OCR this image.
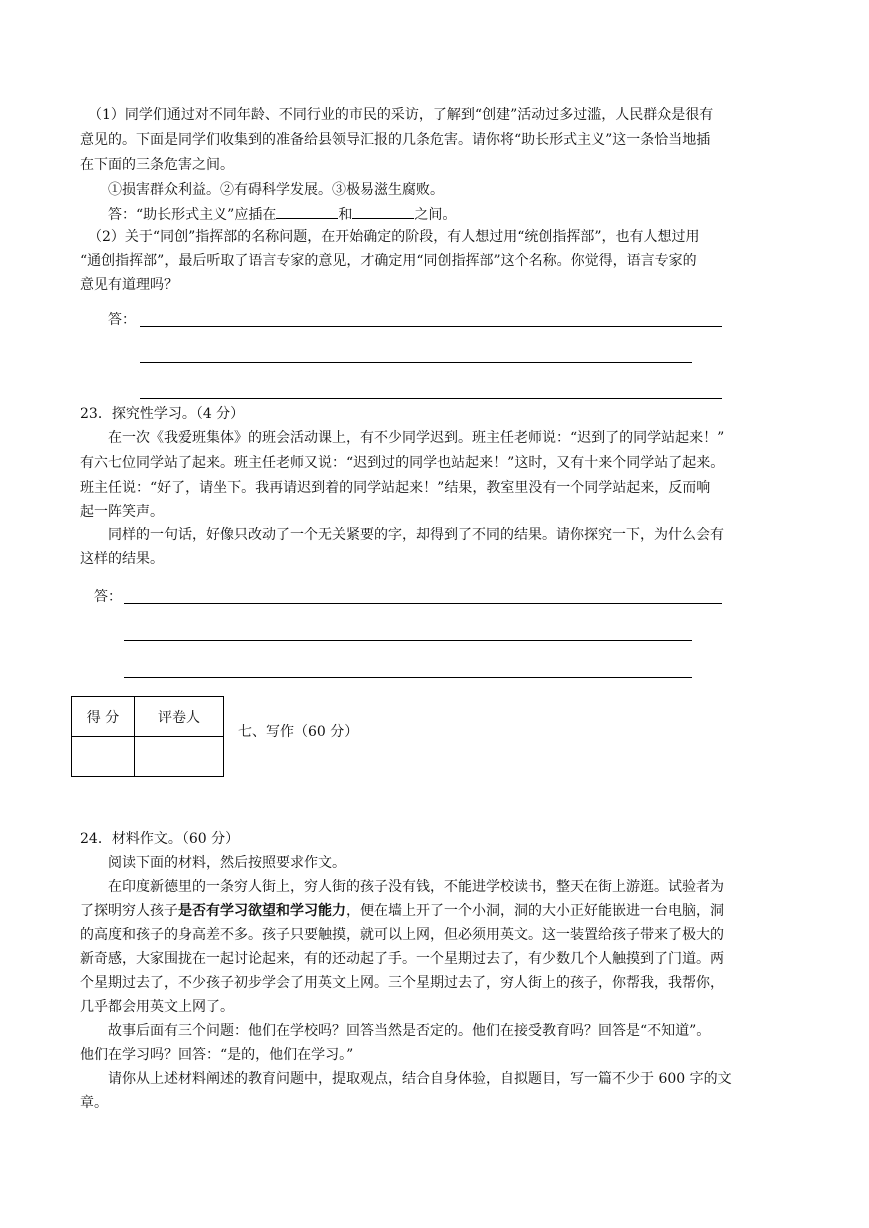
（1）同学们通过对不同年龄、不同行业的市民的采访，了解到“创建”活动过多过滥，人民群众是很有
意见的。下面是同学们收集到的准备给县领导汇报的几条危害。请你将“助长形式主义”这一条恰当地插
在下面的三条危害之间。
①损害群众利益。②有碍科学发展。③极易滋生腐败。
答：“助长形式主义”应插在	和	之间。
（2）关于“同创”指挥部的名称问题，在开始确定的阶段，有人想过用“统创指挥部”，也有人想过用
“通创指挥部”，最后听取了语言专家的意见，才确定用“同创指挥部”这个名称。你觉得，语言专家的
意见有道理吗？
答：
23．探究性学习。（4 分）
在一次《我爱班集体》的班会活动课上，有不少同学迟到。班主任老师说：“迟到了的同学站起来！”
有六七位同学站了起来。班主任老师又说：“迟到过的同学也站起来！”这时，又有十来个同学站了起来。
班主任说：“好了，请坐下。我再请迟到着的同学站起来！”结果，教室里没有一个同学站起来，反而响
起一阵笑声。
同样的一句话，好像只改动了一个无关紧要的字，却得到了不同的结果。请你探究一下，为什么会有
这样的结果。
答：
得 分	评卷人

七、写作（60 分）
24．材料作文。（60 分）
阅读下面的材料，然后按照要求作文。
在印度新德里的一条穷人街上，穷人街的孩子没有钱，不能进学校读书，整天在街上游逛。试验者为
了探明穷人孩子是否有学习欲望和学习能力，便在墙上开了一个小洞，洞的大小正好能嵌进一台电脑，洞
的高度和孩子的身高差不多。孩子只要触摸，就可以上网，但必须用英文。这一装置给孩子带来了极大的
新奇感，大家围拢在一起讨论起来，有的还动起了手。一个星期过去了，有少数几个人触摸到了门道。两
个星期过去了，不少孩子初步学会了用英文上网。三个星期过去了，穷人街上的孩子，你帮我，我帮你，
几乎都会用英文上网了。
故事后面有三个问题：他们在学校吗？回答当然是否定的。他们在接受教育吗？回答是“不知道”。
他们在学习吗？回答：“是的，他们在学习。”
请你从上述材料阐述的教育问题中，提取观点，结合自身体验，自拟题目，写一篇不少于 600 字的文
章。
